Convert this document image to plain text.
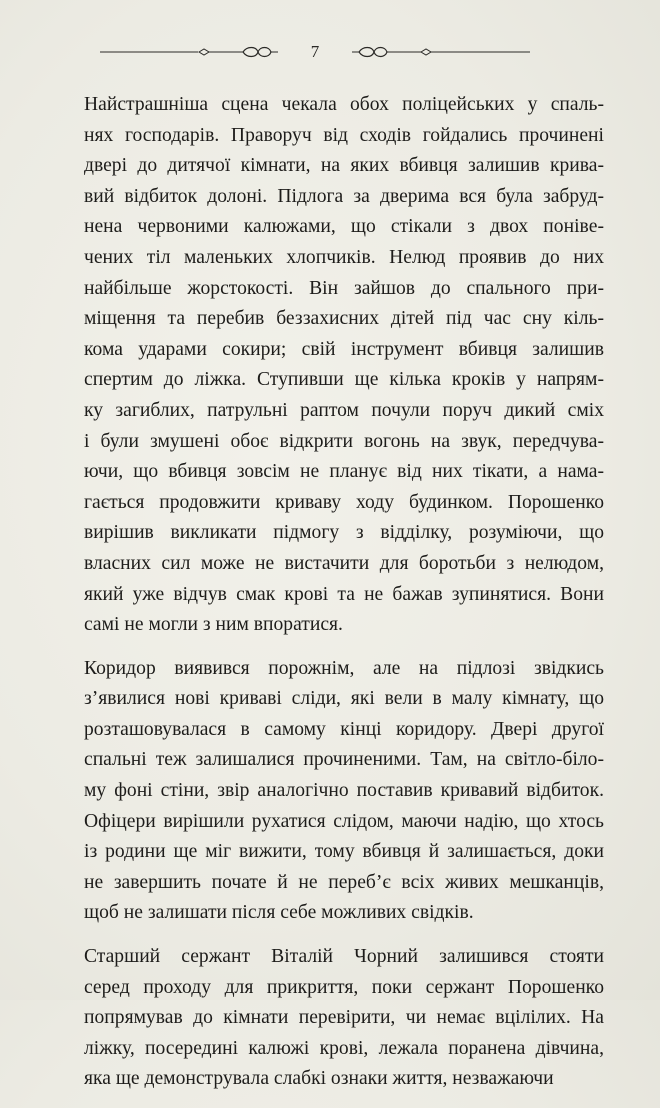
7

Найстрашніша сцена чекала обох поліцейських у спаль-
нях господарів. Праворуч від сходів гойдались прочинені
двері до дитячої кімнати, на яких вбивця залишив крива-
вий відбиток долоні. Підлога за дверима вся була забруд-
нена червоними калюжами, що стікали з двох понівe-
чених тіл маленьких хлопчиків. Нелюд проявив до них
найбільше жорстокості. Він зайшов до спального при-
міщення та перебив беззахисних дітей під час сну кіль-
кома ударами сокири; свій інструмент вбивця залишив
спертим до ліжка. Ступивши ще кілька кроків у напрям-
ку загиблих, патрульні раптом почули поруч дикий сміх
і були змушені обоє відкрити вогонь на звук, передчува-
ючи, що вбивця зовсім не планує від них тікати, а нама-
гається продовжити криваву ходу будинком. Порошенко
вирішив викликати підмогу з відділку, розуміючи, що
власних сил може не вистачити для боротьби з нелюдом,
який уже відчув смак крові та не бажав зупинятися. Вони
самі не могли з ним впоратися.

Коридор виявився порожнім, але на підлозі звідкись
з’явилися нові криваві сліди, які вели в малу кімнату, що
розташовувалася в самому кінці коридору. Двері другої
спальні теж залишалися прочиненими. Там, на світло-біло-
му фоні стіни, звір аналогічно поставив кривавий відбиток.
Офіцери вирішили рухатися слідом, маючи надію, що хтось
із родини ще міг вижити, тому вбивця й залишається, доки
не завершить почате й не переб’є всіх живих мешканців,
щоб не залишати після себе можливих свідків.

Старший сержант Віталій Чорний залишився стояти
серед проходу для прикриття, поки сержант Порошенко
попрямував до кімнати перевірити, чи немає вцілілих. На
ліжку, посередині калюжі крові, лежала поранена дівчина,
яка ще демонструвала слабкі ознаки життя, незважаючи
